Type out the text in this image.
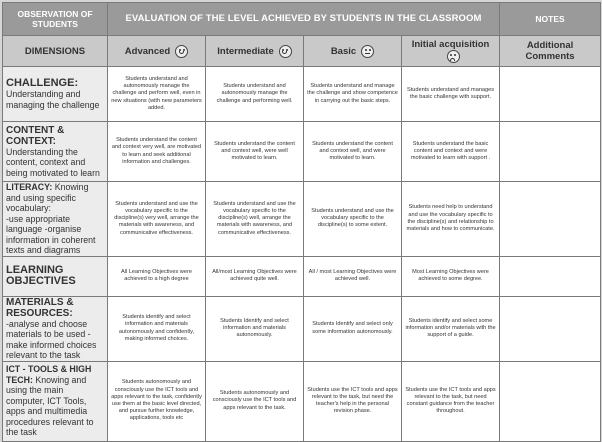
OBSERVATION OF STUDENTS	EVALUATION OF THE LEVEL ACHIEVED BY STUDENTS IN THE CLASSROOM				NOTES
DIMENSIONS	Advanced	Intermediate	Basic	Initial acquisition	Additional Comments

CHALLENGE:
Understanding and managing the challenge	Students understand and autonomously manage the challenge and perform well, even in new situations (with new parameters added.	Students understand and autonomously manage the challenge and performing well.	Students understand and manage the challenge and show competence in carrying out the basic steps.	Students understand and manages the basic challenge with support.	

CONTENT & CONTEXT:
Understanding the content, context and being motivated to learn	Students understand the content and context very well, are motivated to learn and seek additional information and challenges.	Students understand the content and context well, were well motivated to learn.	Students understand the content and context well, and were motivated to learn.	Students understand the basic content and context and were motivated to learn with support .	

LITERACY: Knowing and using specific vocabulary:
-use appropriate language -organise information in coherent texts and diagrams	Students understand and use the vocabulary specific to the discipline(s) very well, arrange the materials with awareness, and communicative effectiveness.	Students understand and use the vocabulary specific to the discipline(s) well, arrange the materials with awareness, and communicative effectiveness.	Students understand and use the vocabulary specific to the discipline(s) to some extent.	Students need help to understand and use the vocabulary specific to the discipline(s) and relationship to materials and how to communicate.	

LEARNING OBJECTIVES	All Learning Objectives were achieved to a high degree	All/most Learning Objectives were achieved quite well.	All / most Learning Objectives were achieved well.	Most Learning Objectives were achieved to some degree.	

MATERIALS & RESOURCES:
-analyse and choose materials to be used -make informed choices relevant to the task	Students identify and select information and materials autonomously and confidently, making informed choices.	Students Identify and select information and materials autonomously.	Students Identify and select only some information autonomously.	Students identify and select some information and/or materials with the support of a guide.	

ICT - TOOLS & HIGH TECH: Knowing and using the main computer, ICT Tools, apps and multimedia procedures relevant to the task	Students autonomously and consciously use the ICT tools and apps relevant to the task, confidently use them at the basic level directed, and pursue further knowledge, applications, tools etc	Students autonomously and consciously use the ICT tools and apps relevant to the task.	Students use the ICT tools and apps relevant to the task, but need the teacher's help in the personal revision phase.	Students use the ICT tools and apps relevant to the task, but need constant guidance from the teacher throughout.	
